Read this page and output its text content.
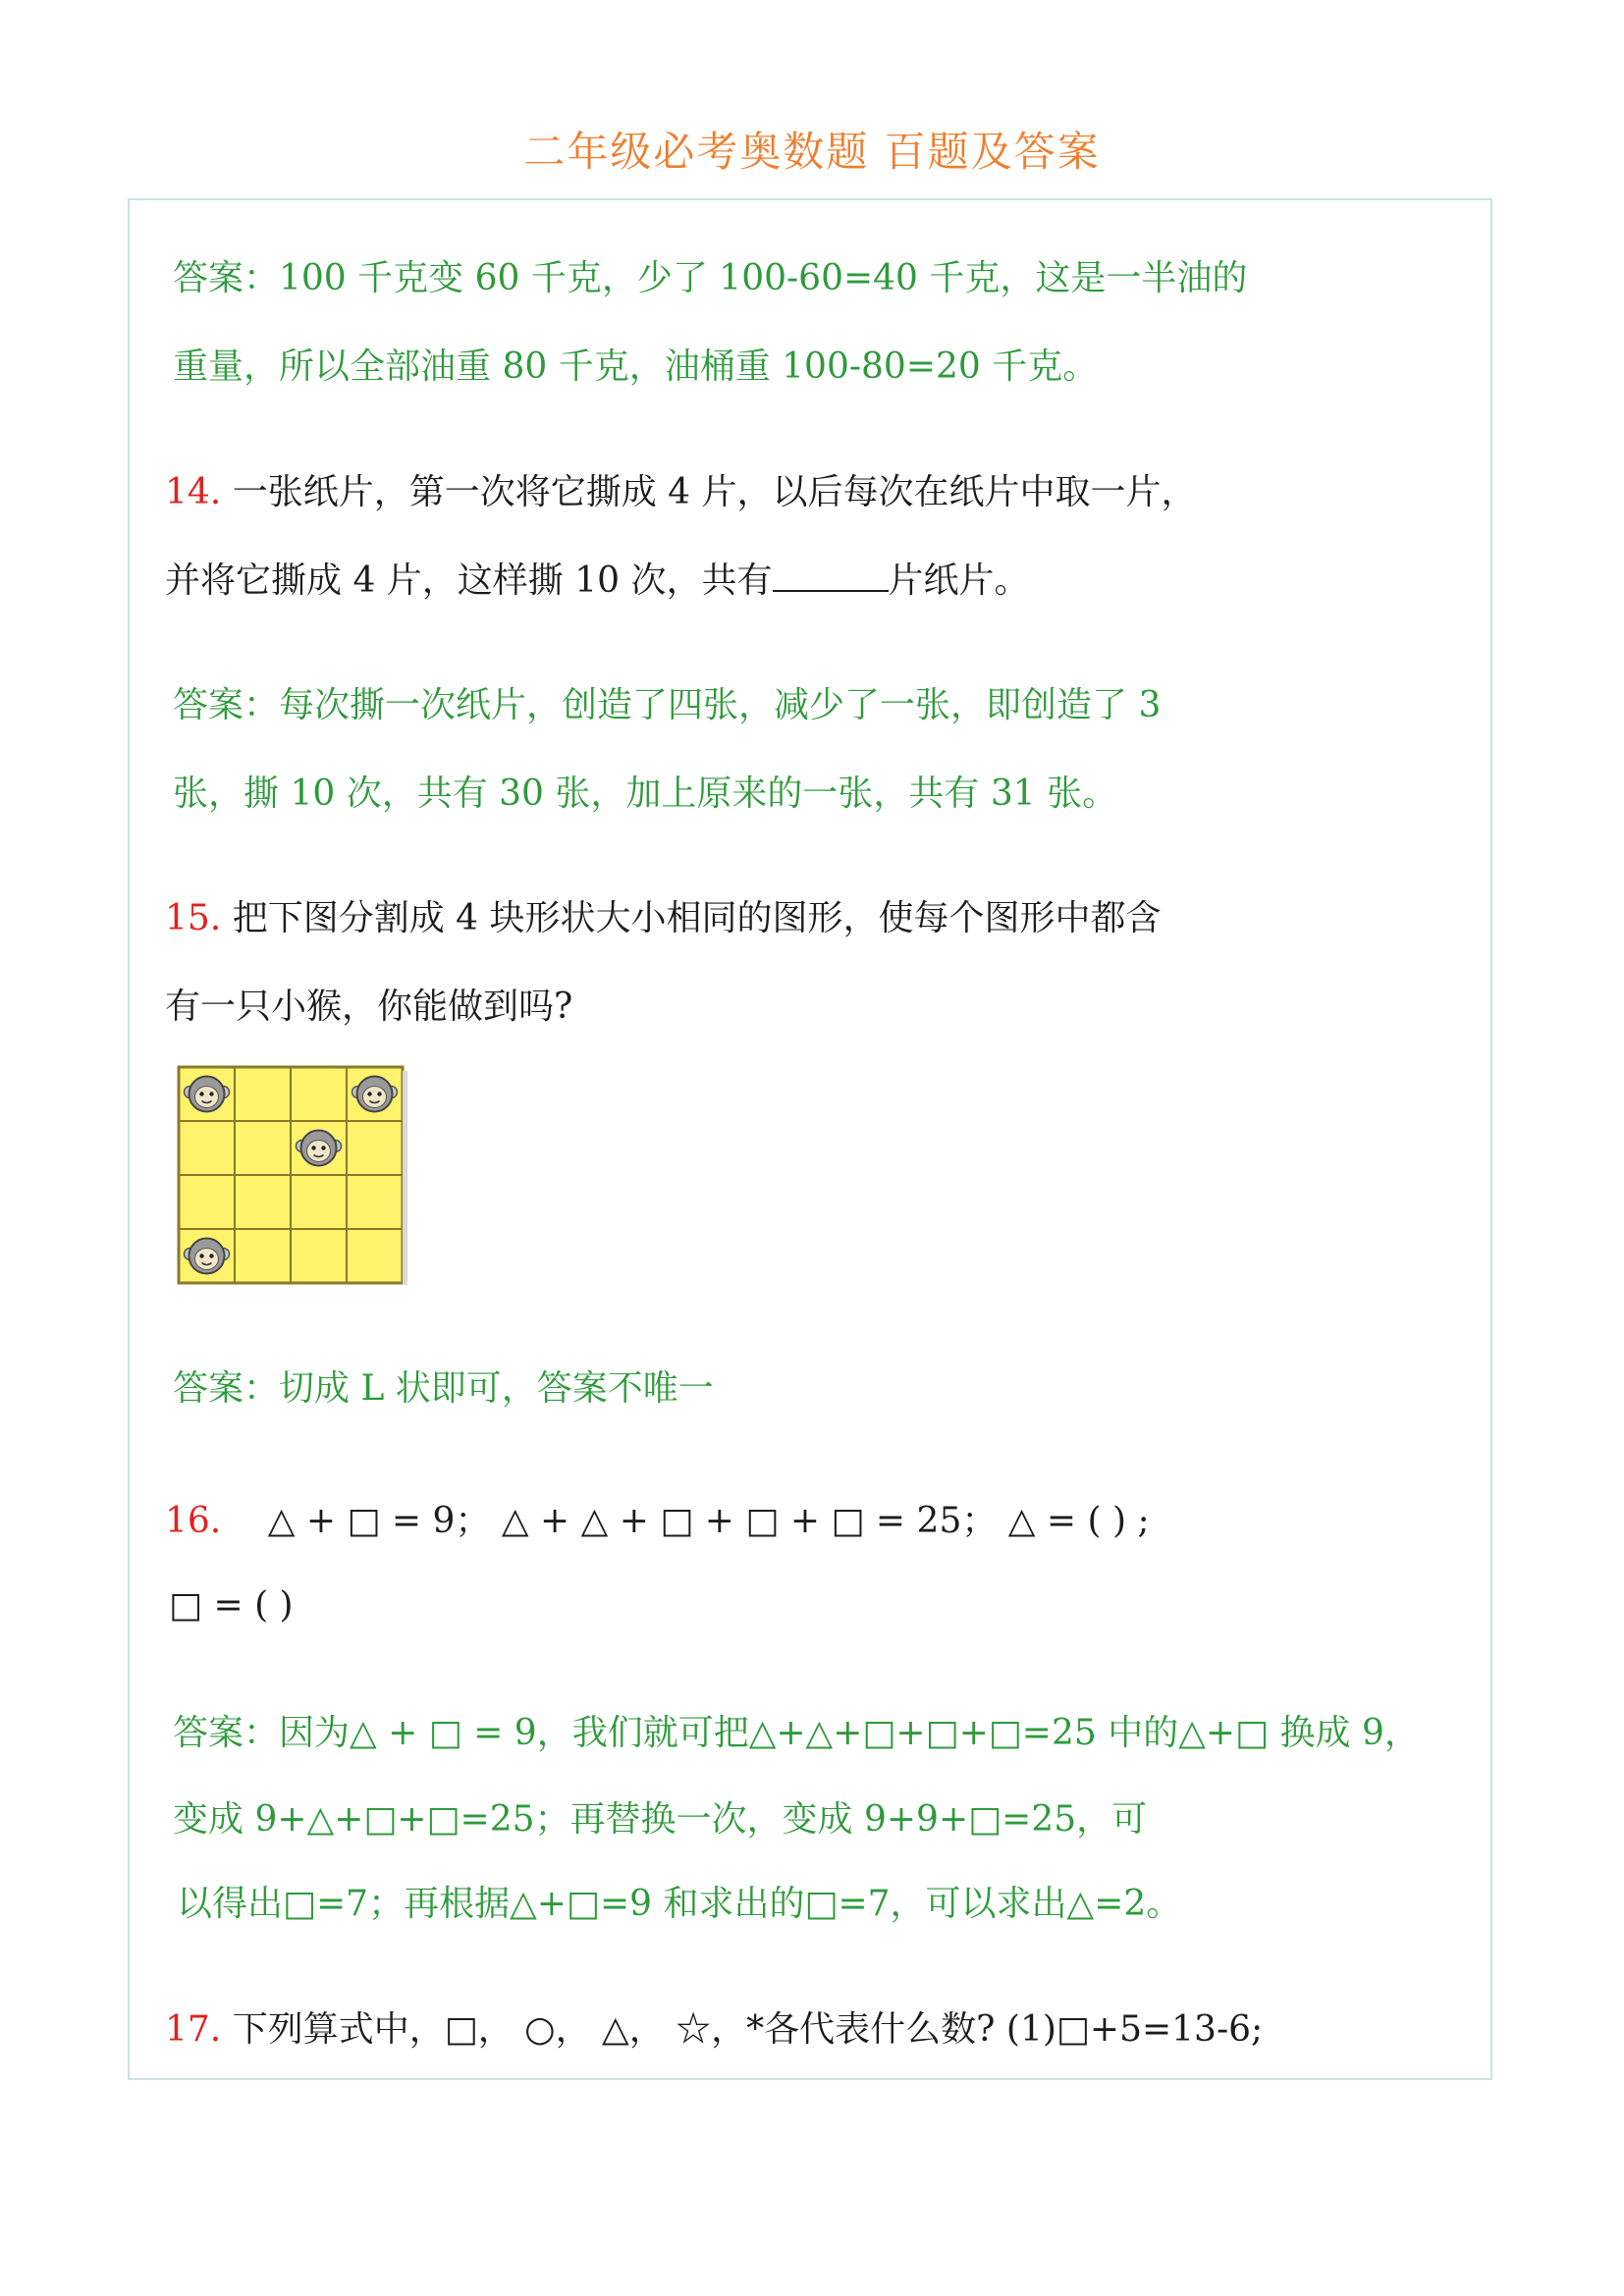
二年级必考奥数题 百题及答案
答案：100 千克变 60 千克，少了 100-60=40 千克，这是一半油的
重量，所以全部油重 80 千克，油桶重 100-80=20 千克。
14. 一张纸片，第一次将它撕成 4 片，以后每次在纸片中取一片，
并将它撕成 4 片，这样撕 10 次，共有	片纸片。
答案：每次撕一次纸片，创造了四张，减少了一张，即创造了 3
张，撕 10 次，共有 30 张，加上原来的一张，共有 31 张。
15. 把下图分割成 4 块形状大小相同的图形，使每个图形中都含
有一只小猴，你能做到吗?
答案：切成 L 状即可，答案不唯一
16. △ + □ = 9； △ + △ + □ + □ + □ = 25； △ = ( ) ;
□ = ( )
答案：因为△ + □ = 9，我们就可把△+△+□+□+□=25 中的△+□ 换成 9，
变成 9+△+□+□=25；再替换一次，变成 9+9+□=25，可
以得出□=7；再根据△+□=9 和求出的□=7，可以求出△=2。
17. 下列算式中，□， ○， △， ☆，*各代表什么数? (1)□+5=13-6;
